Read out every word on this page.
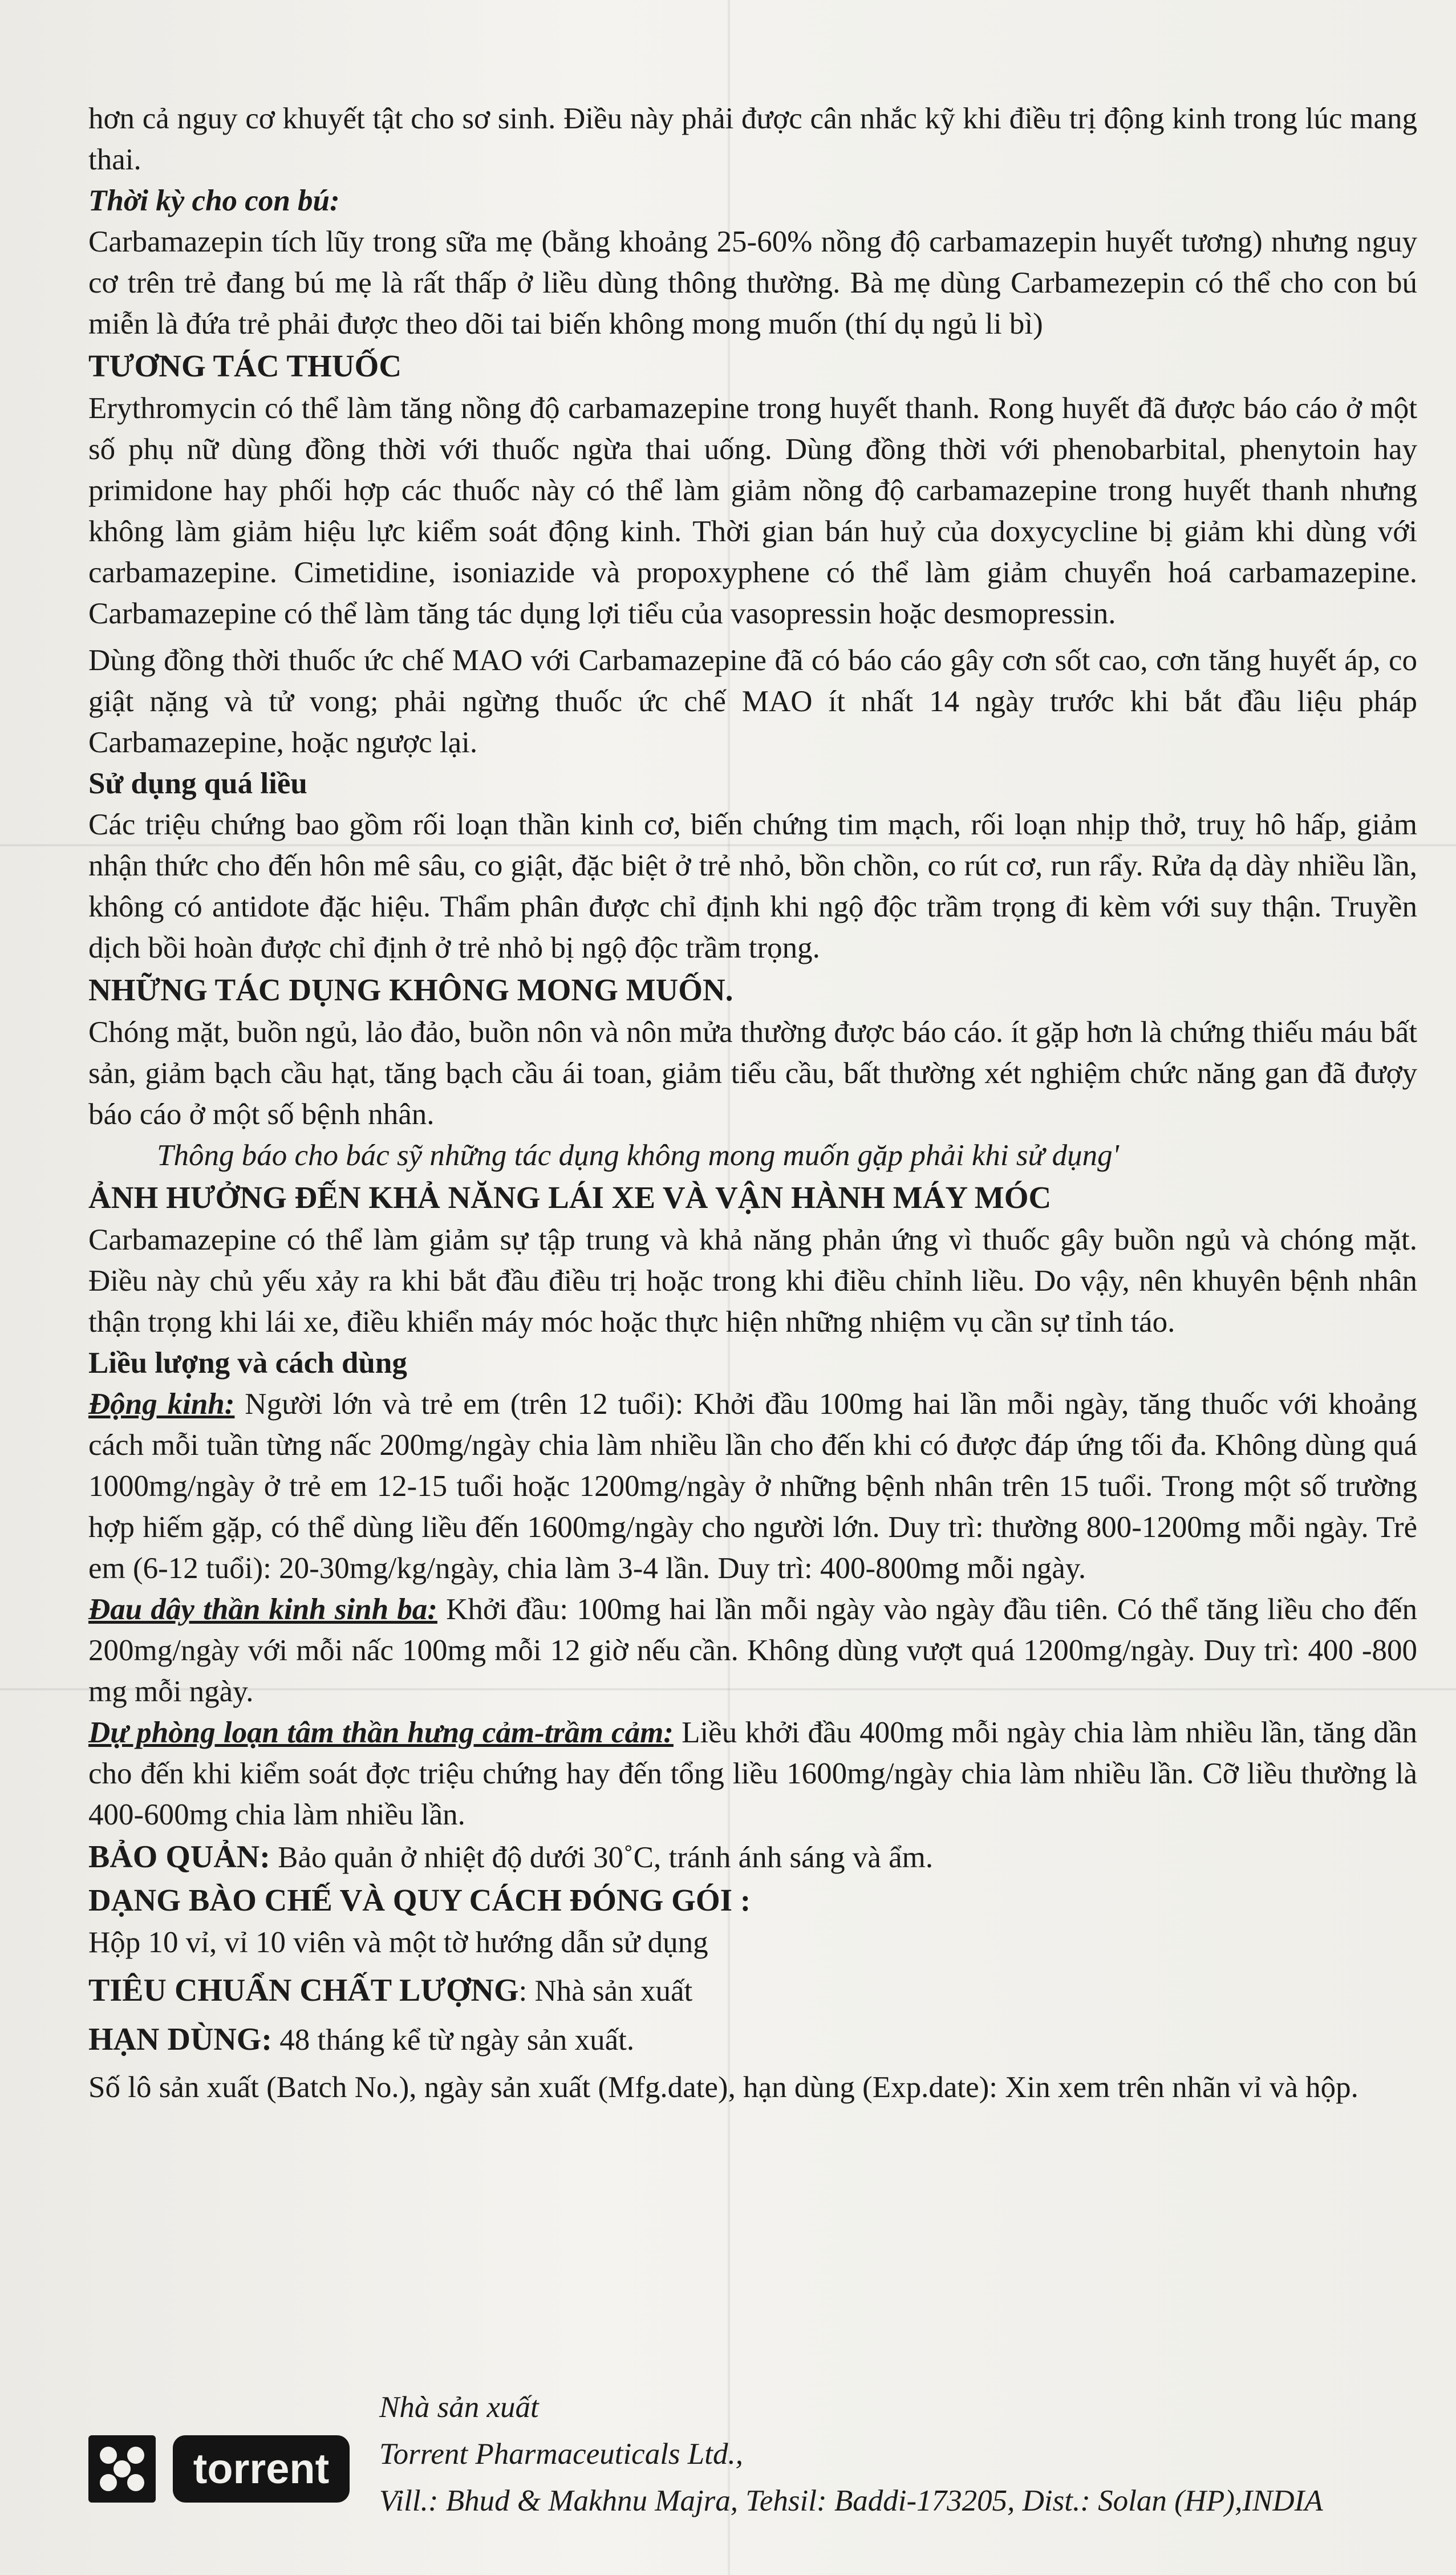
hơn cả nguy cơ khuyết tật cho sơ sinh. Điều này phải được cân nhắc kỹ khi điều trị động kinh trong lúc mang thai.

Thời kỳ cho con bú:

Carbamazepin tích lũy trong sữa mẹ (bằng khoảng 25-60% nồng độ carbamazepin huyết tương) nhưng nguy cơ trên trẻ đang bú mẹ là rất thấp ở liều dùng thông thường. Bà mẹ dùng Carbamezepin có thể cho con bú miễn là đứa trẻ phải được theo dõi tai biến không mong muốn (thí dụ ngủ li bì)

TƯƠNG TÁC THUỐC

Erythromycin có thể làm tăng nồng độ carbamazepine trong huyết thanh. Rong huyết đã được báo cáo ở một số phụ nữ dùng đồng thời với thuốc ngừa thai uống. Dùng đồng thời với phenobarbital, phenytoin hay primidone hay phối hợp các thuốc này có thể làm giảm nồng độ carbamazepine trong huyết thanh nhưng không làm giảm hiệu lực kiểm soát động kinh. Thời gian bán huỷ của doxycycline bị giảm khi dùng với carbamazepine. Cimetidine, isoniazide và propoxyphene có thể làm giảm chuyển hoá carbamazepine. Carbamazepine có thể làm tăng tác dụng lợi tiểu của vasopressin hoặc desmopressin.

Dùng đồng thời thuốc ức chế MAO với Carbamazepine đã có báo cáo gây cơn sốt cao, cơn tăng huyết áp, co giật nặng và tử vong; phải ngừng thuốc ức chế MAO ít nhất 14 ngày trước khi bắt đầu liệu pháp Carbamazepine, hoặc ngược lại.

Sử dụng quá liều

Các triệu chứng bao gồm rối loạn thần kinh cơ, biến chứng tim mạch, rối loạn nhịp thở, truỵ hô hấp, giảm nhận thức cho đến hôn mê sâu, co giật, đặc biệt ở trẻ nhỏ, bồn chồn, co rút cơ, run rẩy. Rửa dạ dày nhiều lần, không có antidote đặc hiệu. Thẩm phân được chỉ định khi ngộ độc trầm trọng đi kèm với suy thận. Truyền dịch bồi hoàn được chỉ định ở trẻ nhỏ bị ngộ độc trầm trọng.

NHỮNG TÁC DỤNG KHÔNG MONG MUỐN.

Chóng mặt, buồn ngủ, lảo đảo, buồn nôn và nôn mửa thường được báo cáo. ít gặp hơn là chứng thiếu máu bất sản, giảm bạch cầu hạt, tăng bạch cầu ái toan, giảm tiểu cầu, bất thường xét nghiệm chức năng gan đã đượy báo cáo ở một số bệnh nhân.

Thông báo cho bác sỹ những tác dụng không mong muốn gặp phải khi sử dụng'

ẢNH HƯỞNG ĐẾN KHẢ NĂNG LÁI XE VÀ VẬN HÀNH MÁY MÓC

Carbamazepine có thể làm giảm sự tập trung và khả năng phản ứng vì thuốc gây buồn ngủ và chóng mặt. Điều này chủ yếu xảy ra khi bắt đầu điều trị hoặc trong khi điều chỉnh liều. Do vậy, nên khuyên bệnh nhân thận trọng khi lái xe, điều khiển máy móc hoặc thực hiện những nhiệm vụ cần sự tỉnh táo.

Liều lượng và cách dùng

Động kinh: Người lớn và trẻ em (trên 12 tuổi): Khởi đầu 100mg hai lần mỗi ngày, tăng thuốc với khoảng cách mỗi tuần từng nấc 200mg/ngày chia làm nhiều lần cho đến khi có được đáp ứng tối đa. Không dùng quá 1000mg/ngày ở trẻ em 12-15 tuổi hoặc 1200mg/ngày ở những bệnh nhân trên 15 tuổi. Trong một số trường hợp hiếm gặp, có thể dùng liều đến 1600mg/ngày cho người lớn. Duy trì: thường 800-1200mg mỗi ngày. Trẻ em (6-12 tuổi): 20-30mg/kg/ngày, chia làm 3-4 lần. Duy trì: 400-800mg mỗi ngày.

Đau dây thần kinh sinh ba: Khởi đầu: 100mg hai lần mỗi ngày vào ngày đầu tiên. Có thể tăng liều cho đến 200mg/ngày với mỗi nấc 100mg mỗi 12 giờ nếu cần. Không dùng vượt quá 1200mg/ngày. Duy trì: 400 -800 mg mỗi ngày.

Dự phòng loạn tâm thần hưng cảm-trầm cảm: Liều khởi đầu 400mg mỗi ngày chia làm nhiều lần, tăng dần cho đến khi kiểm soát đợc triệu chứng hay đến tổng liều 1600mg/ngày chia làm nhiều lần. Cỡ liều thường là 400-600mg chia làm nhiều lần.

BẢO QUẢN: Bảo quản ở nhiệt độ dưới 30˚C, tránh ánh sáng và ẩm.

DẠNG BÀO CHẾ VÀ QUY CÁCH ĐÓNG GÓI :

Hộp 10 vỉ, vỉ 10 viên và một tờ hướng dẫn sử dụng

TIÊU CHUẨN CHẤT LƯỢNG: Nhà sản xuất

HẠN DÙNG: 48 tháng kể từ ngày sản xuất.

Số lô sản xuất (Batch No.), ngày sản xuất (Mfg.date), hạn dùng (Exp.date): Xin xem trên nhãn vỉ và hộp.

torrent
Nhà sản xuất
Torrent Pharmaceuticals Ltd.,
Vill.: Bhud & Makhnu Majra, Tehsil: Baddi-173205, Dist.: Solan (HP),INDIA
